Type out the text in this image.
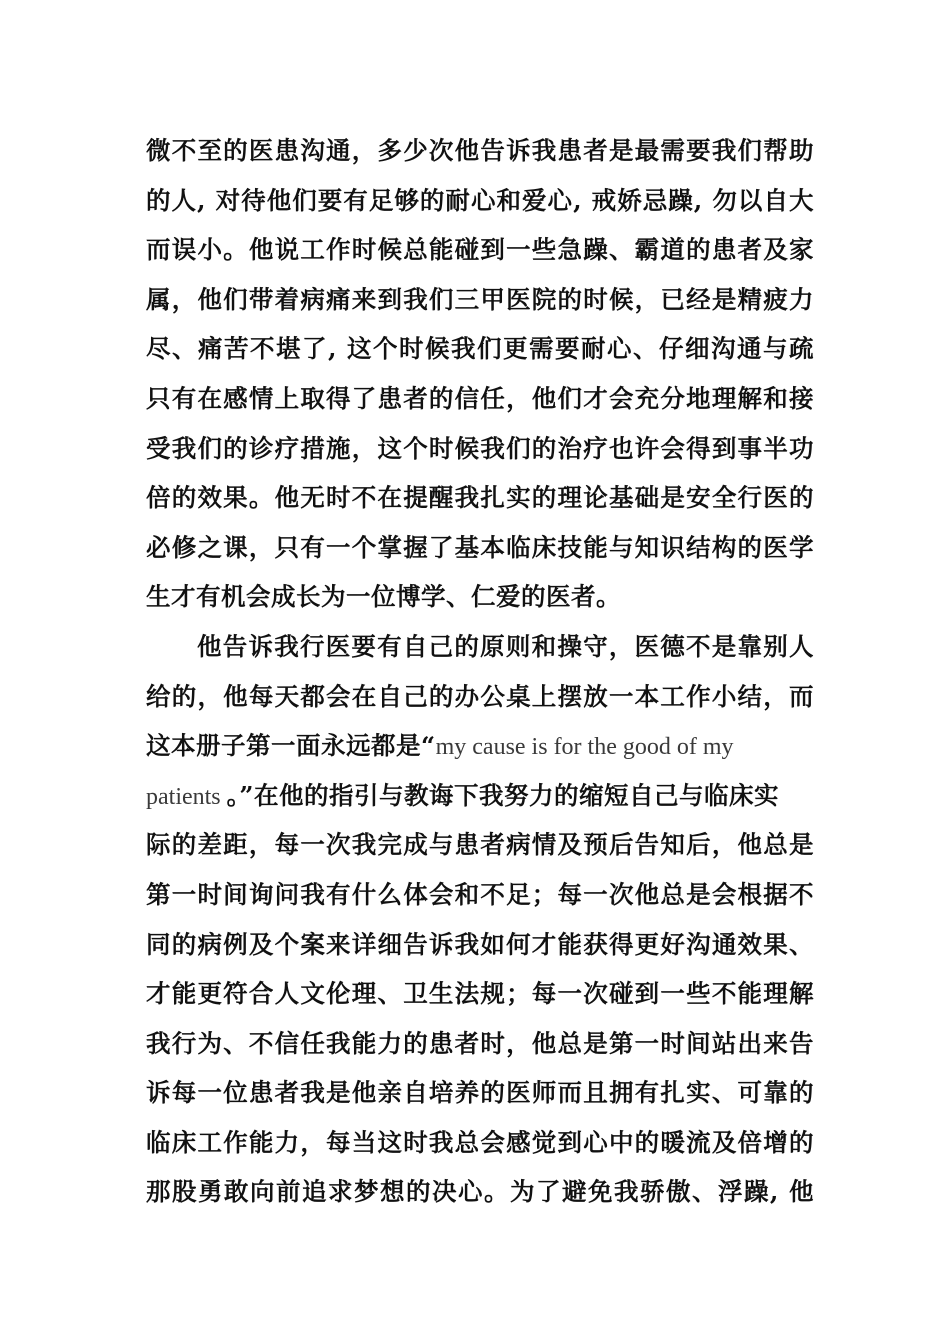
微不至的医患沟通，多少次他告诉我患者是最需要我们帮助
的人, 对待他们要有足够的耐心和爱心, 戒娇忌躁, 勿以自大
而误小。他说工作时候总能碰到一些急躁、霸道的患者及家
属，他们带着病痛来到我们三甲医院的时候，已经是精疲力
尽、痛苦不堪了, 这个时候我们更需要耐心、仔细沟通与疏
只有在感情上取得了患者的信任，他们才会充分地理解和接
受我们的诊疗措施，这个时候我们的治疗也许会得到事半功
倍的效果。他无时不在提醒我扎实的理论基础是安全行医的
必修之课，只有一个掌握了基本临床技能与知识结构的医学
生才有机会成长为一位博学、仁爱的医者。
他告诉我行医要有自己的原则和操守，医德不是靠别人
给的，他每天都会在自己的办公桌上摆放一本工作小结，而
这本册子第一面永远都是“my cause is for the good of my
patients 。”在他的指引与教诲下我努力的缩短自己与临床实
际的差距，每一次我完成与患者病情及预后告知后，他总是
第一时间询问我有什么体会和不足；每一次他总是会根据不
同的病例及个案来详细告诉我如何才能获得更好沟通效果、
才能更符合人文伦理、卫生法规；每一次碰到一些不能理解
我行为、不信任我能力的患者时，他总是第一时间站出来告
诉每一位患者我是他亲自培养的医师而且拥有扎实、可靠的
临床工作能力，每当这时我总会感觉到心中的暖流及倍增的
那股勇敢向前追求梦想的决心。为了避免我骄傲、浮躁, 他
